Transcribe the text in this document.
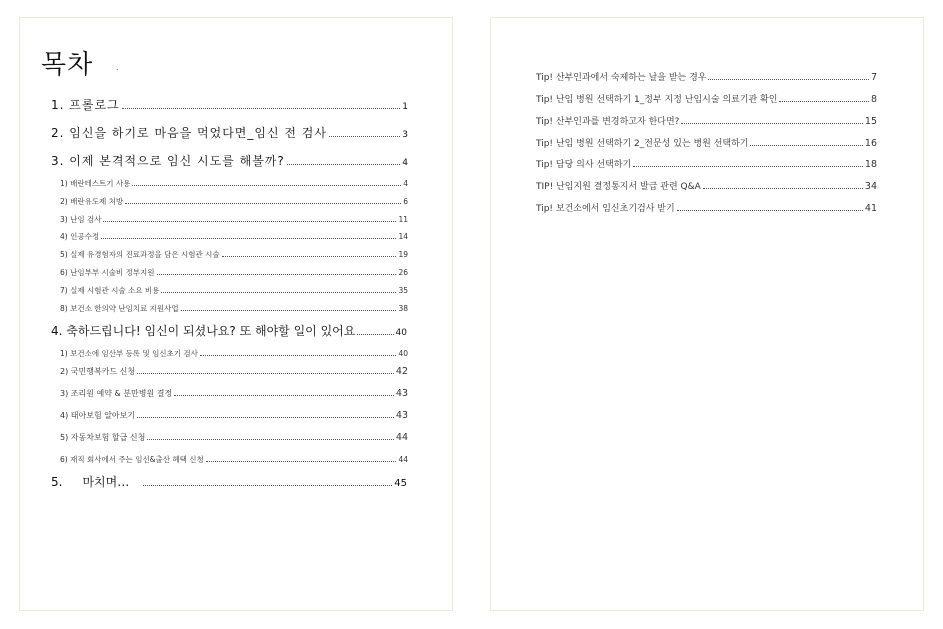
목차	.
1. 프롤로그	1
2. 임신을 하기로 마음을 먹었다면_임신 전 검사	3
3. 이제 본격적으로 임신 시도를 해볼까?	4
1) 배란테스트기 사용	4
2) 배란유도제 처방	6
3) 난임 검사	11
4) 인공수정	14
5) 실제 유경험자의 진료과정을 담은 시험관 시술	19
6) 난임부부 시술비 정부지원	26
7) 실제 시험관 시술 소요 비용	35
8) 보건소 한의약 난임치료 지원사업	38
4. 축하드립니다! 임신이 되셨나요? 또 해야할 일이 있어요	40
1) 보건소에 임산부 등록 및 임신초기 검사	40
2) 국민행복카드 신청	42
3) 조리원 예약 & 분만병원 결정	43
4) 태아보험 알아보기	43
5) 자동차보험 할급 신청	44
6) 재직 회사에서 주는 임신&출산 혜택 신청	44
5. 마치며…	45
Tip! 산부인과에서 숙제하는 날을 받는 경우	7
Tip! 난임 병원 선택하기 1_정부 지정 난임시술 의료기관 확인	8
Tip! 산부인과를 변경하고자 한다면?	15
Tip! 난임 병원 선택하기 2_전문성 있는 병원 선택하기	16
Tip! 담당 의사 선택하기	18
TIP! 난임지원 결정통지서 발급 관련 Q&A	34
Tip! 보건소에서 임신초기검사 받기	41
